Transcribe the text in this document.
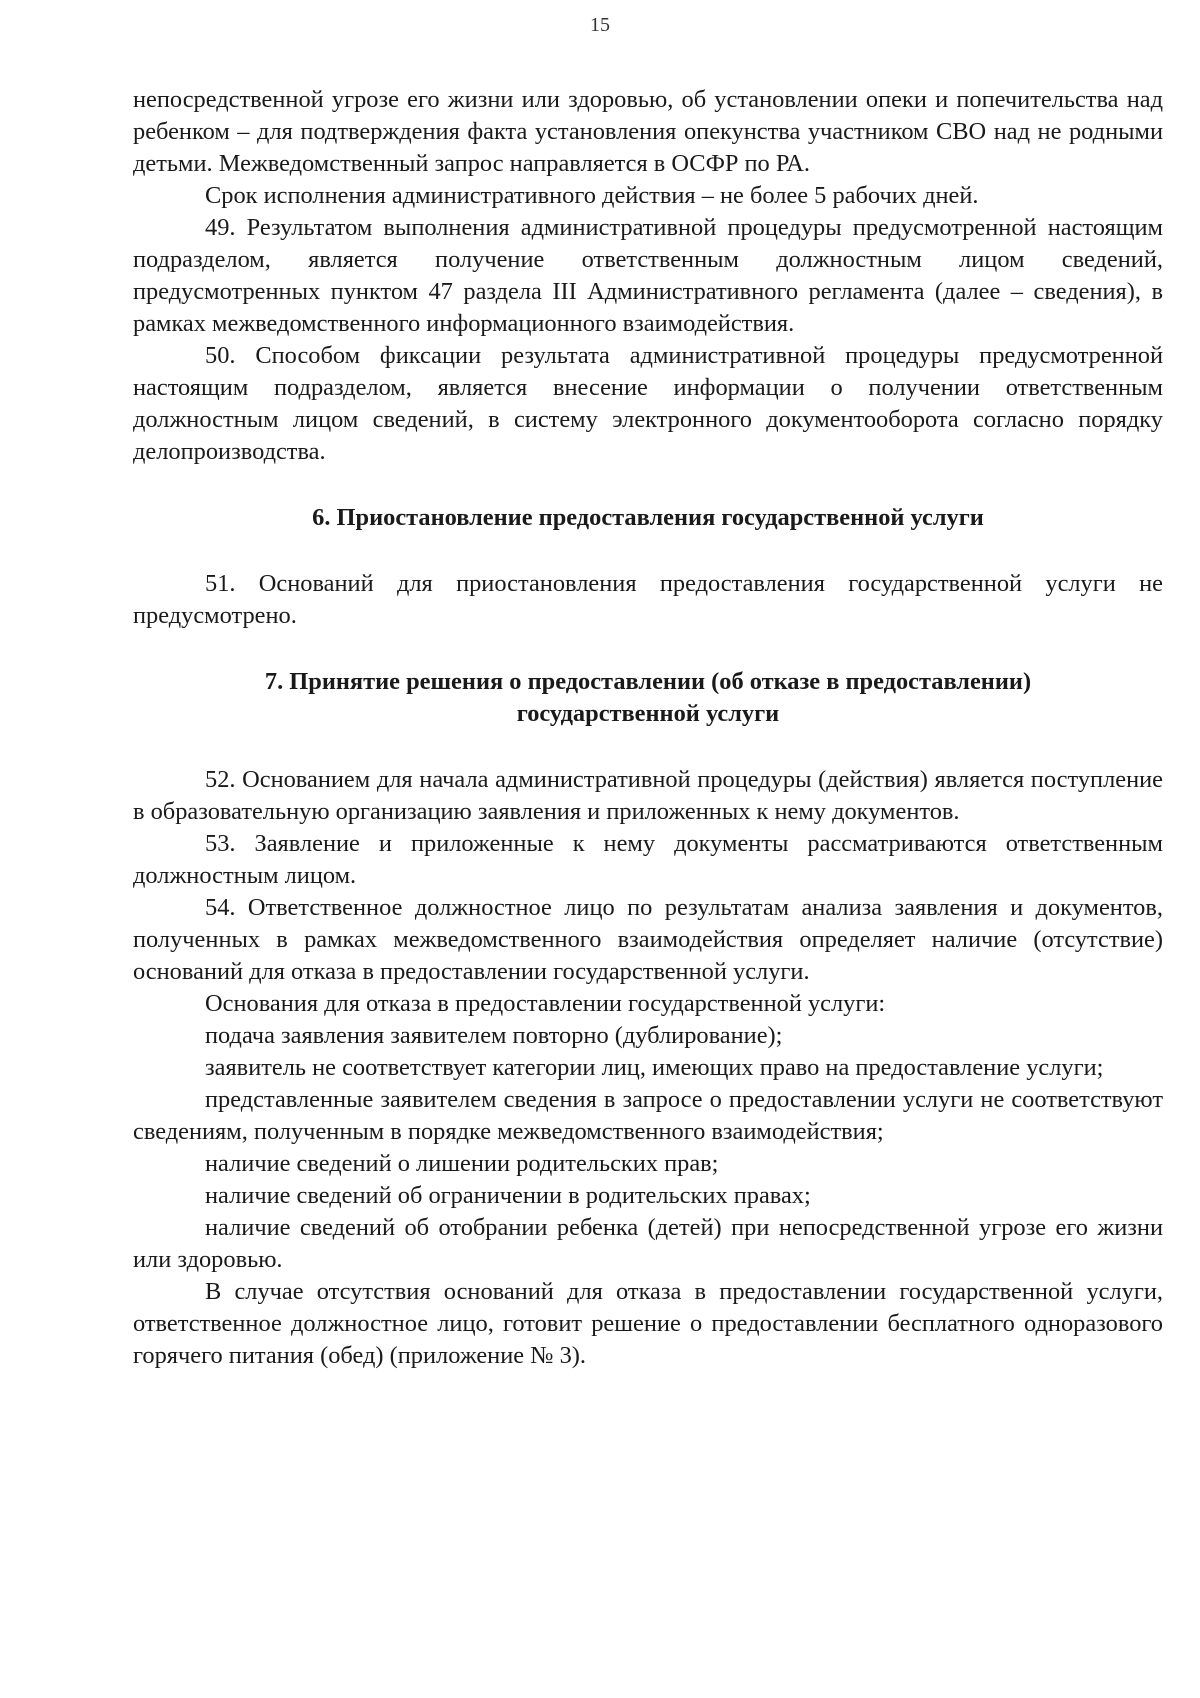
15

непосредственной угрозе его жизни или здоровью, об установлении опеки и попечительства над ребенком – для подтверждения факта установления опекунства участником СВО над не родными детьми. Межведомственный запрос направляется в ОСФР по РА.

Срок исполнения административного действия – не более 5 рабочих дней.

49. Результатом выполнения административной процедуры предусмотренной настоящим подразделом, является получение ответственным должностным лицом сведений, предусмотренных пунктом 47 раздела III Административного регламента (далее – сведения), в рамках межведомственного информационного взаимодействия.

50. Способом фиксации результата административной процедуры предусмотренной настоящим подразделом, является внесение информации о получении ответственным должностным лицом сведений, в систему электронного документооборота согласно порядку делопроизводства.

6. Приостановление предоставления государственной услуги

51. Оснований для приостановления предоставления государственной услуги не предусмотрено.

7. Принятие решения о предоставлении (об отказе в предоставлении)

государственной услуги

52. Основанием для начала административной процедуры (действия) является поступление в образовательную организацию заявления и приложенных к нему документов.

53. Заявление и приложенные к нему документы рассматриваются ответственным должностным лицом.

54. Ответственное должностное лицо по результатам анализа заявления и документов, полученных в рамках межведомственного взаимодействия определяет наличие (отсутствие) оснований для отказа в предоставлении государственной услуги.

Основания для отказа в предоставлении государственной услуги:

подача заявления заявителем повторно (дублирование);

заявитель не соответствует категории лиц, имеющих право на предоставление услуги;

представленные заявителем сведения в запросе о предоставлении услуги не соответствуют сведениям, полученным в порядке межведомственного взаимодействия;

наличие сведений о лишении родительских прав;

наличие сведений об ограничении в родительских правах;

наличие сведений об отобрании ребенка (детей) при непосредственной угрозе его жизни или здоровью.

В случае отсутствия оснований для отказа в предоставлении государственной услуги, ответственное должностное лицо, готовит решение о предоставлении бесплатного одноразового горячего питания (обед) (приложение № 3).
